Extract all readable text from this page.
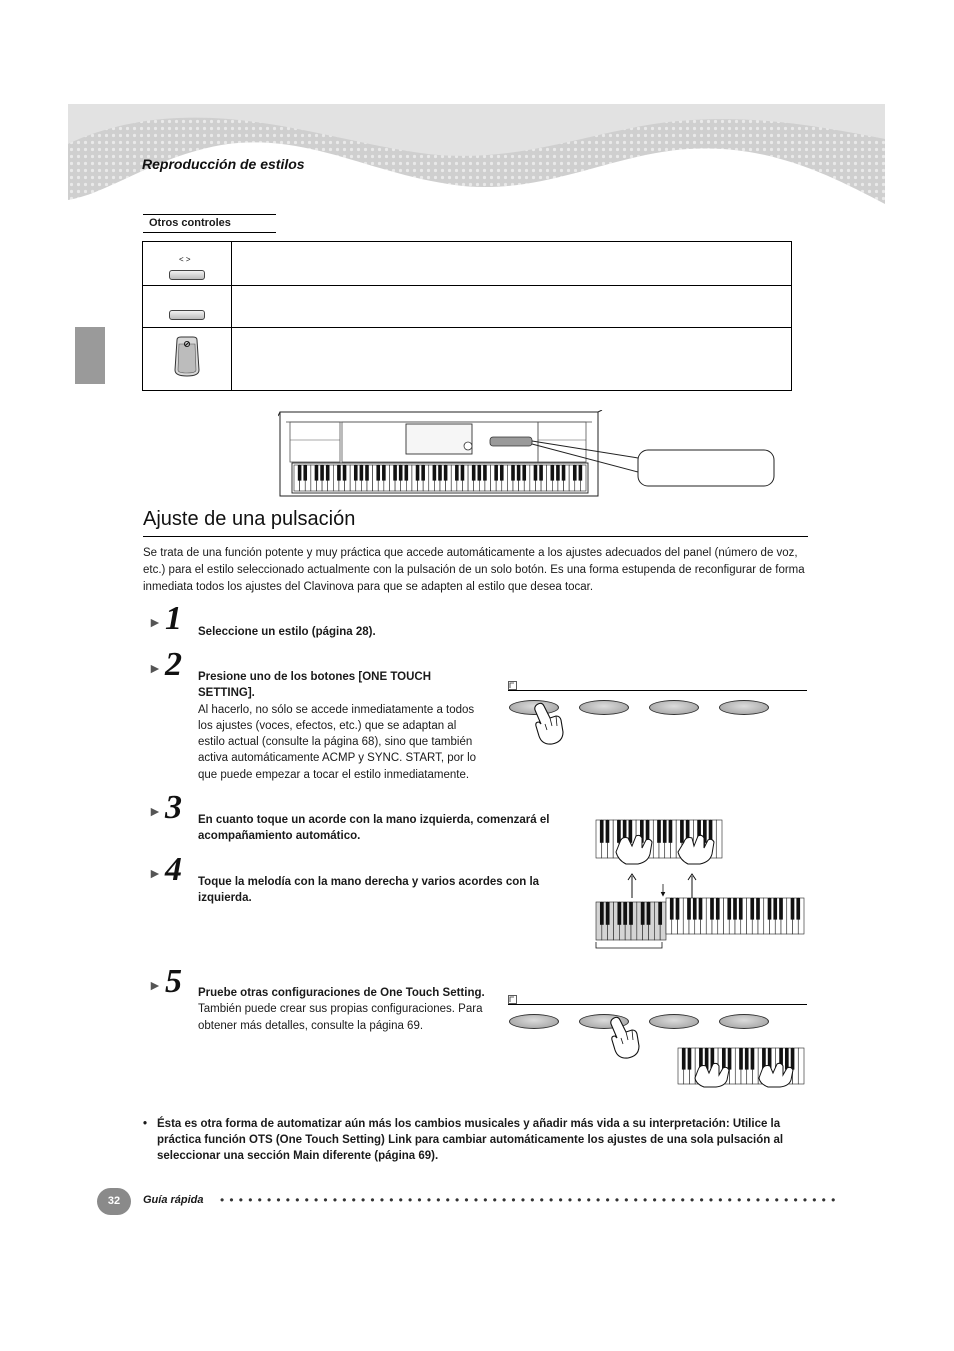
Reproducción de estilos
Otros controles
< >
Ajuste de una pulsación
Se trata de una función potente y muy práctica que accede automáticamente a los ajustes adecuados del panel (número de voz, etc.) para el estilo seleccionado actualmente con la pulsación de un solo botón. Es una forma estupenda de reconfigurar de forma inmediata todos los ajustes del Clavinova para que se adapten al estilo que desea tocar.
► 1 Seleccione un estilo (página 28).
► 2 Presione uno de los botones [ONE TOUCH SETTING].
Al hacerlo, no sólo se accede inmediatamente a todos los ajustes (voces, efectos, etc.) que se adaptan al estilo actual (consulte la página 68), sino que también activa automáticamente ACMP y SYNC. START, por lo que puede empezar a tocar el estilo inmediatamente.
► 3 En cuanto toque un acorde con la mano izquierda, comenzará el acompañamiento automático.
► 4 Toque la melodía con la mano derecha y varios acordes con la izquierda.
► 5 Pruebe otras configuraciones de One Touch Setting.
También puede crear sus propias configuraciones. Para obtener más detalles, consulte la página 69.
• Ésta es otra forma de automatizar aún más los cambios musicales y añadir más vida a su interpretación: Utilice la práctica función OTS (One Touch Setting) Link para cambiar automáticamente los ajustes de una sola pulsación al seleccionar una sección Main diferente (página 69).
32	Guía rápida ••••••••••••••••••••••••••••••••••••••••••••••••••••••••••••••••••
